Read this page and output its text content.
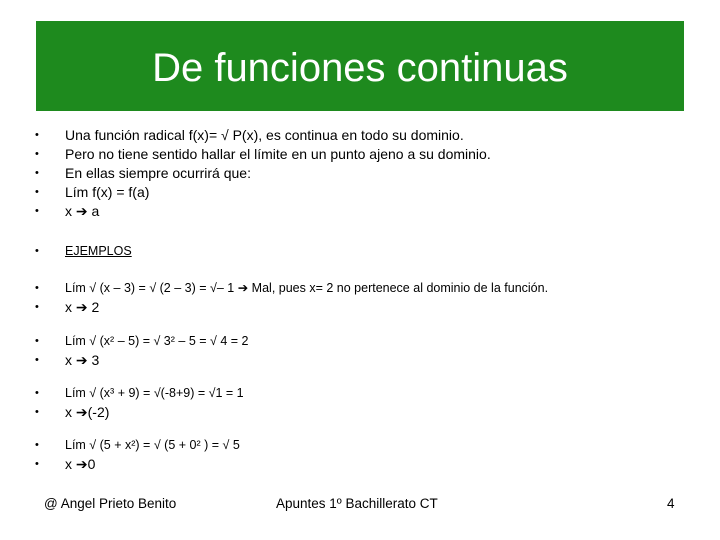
De funciones continuas
•	Una función radical f(x)= √ P(x), es continua en todo su dominio.
•	Pero no tiene sentido hallar el límite en un punto ajeno a su dominio.
•	En ellas siempre ocurrirá que:
•	Lím f(x) = f(a)
•	x ➔ a
•	EJEMPLOS
•	Lím √ (x – 3) = √ (2 – 3) = √– 1 ➔ Mal, pues x= 2 no pertenece al dominio de la función.
•	x ➔ 2
•	Lím √ (x² – 5) = √ 3² – 5 = √ 4 = 2
•	x ➔ 3
•	Lím √ (x³ + 9) = √(-8+9) = √1 = 1
•	x ➔(-2)
•	Lím √ (5 + x²) = √ (5 + 0² ) = √ 5
•	x ➔0
@ Angel Prieto Benito	Apuntes 1º Bachillerato CT	4
